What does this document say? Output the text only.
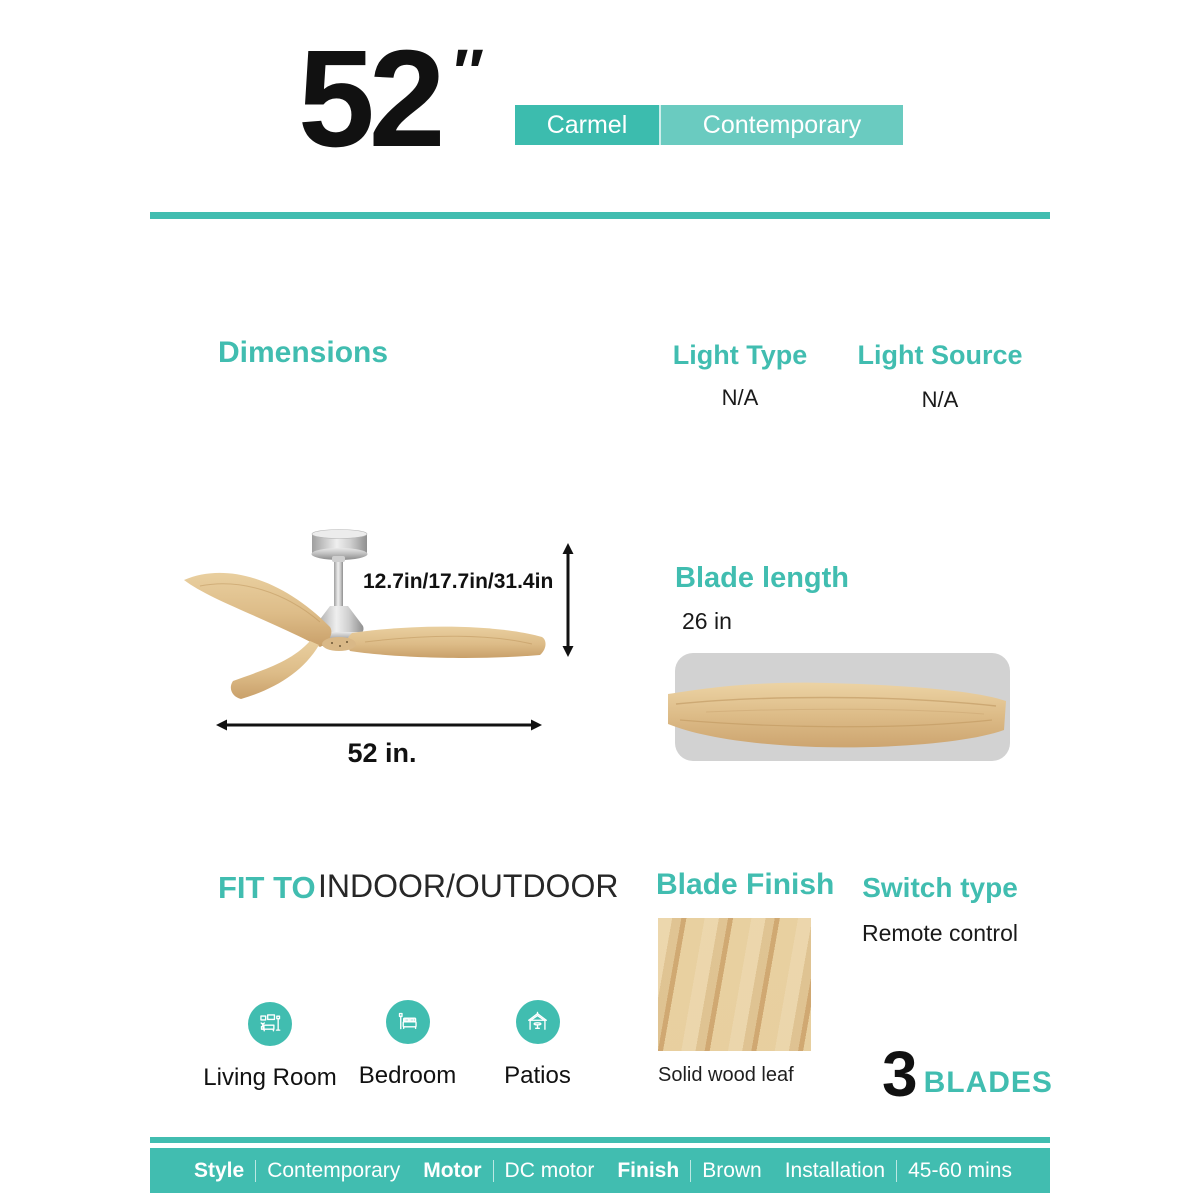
52 ″
Carmel	Contemporary
Dimensions	Light Type
N/A
Light Source
N/A
12.7in/17.7in/31.4in
52 in.
Blade length
26 in
FIT TO INDOOR/OUTDOOR
Living Room Bedroom Patios
Blade Finish
Solid wood leaf
Switch type
Remote control
3 BLADES
Style Contemporary Motor DC motor Finish Brown Installation 45-60 mins
